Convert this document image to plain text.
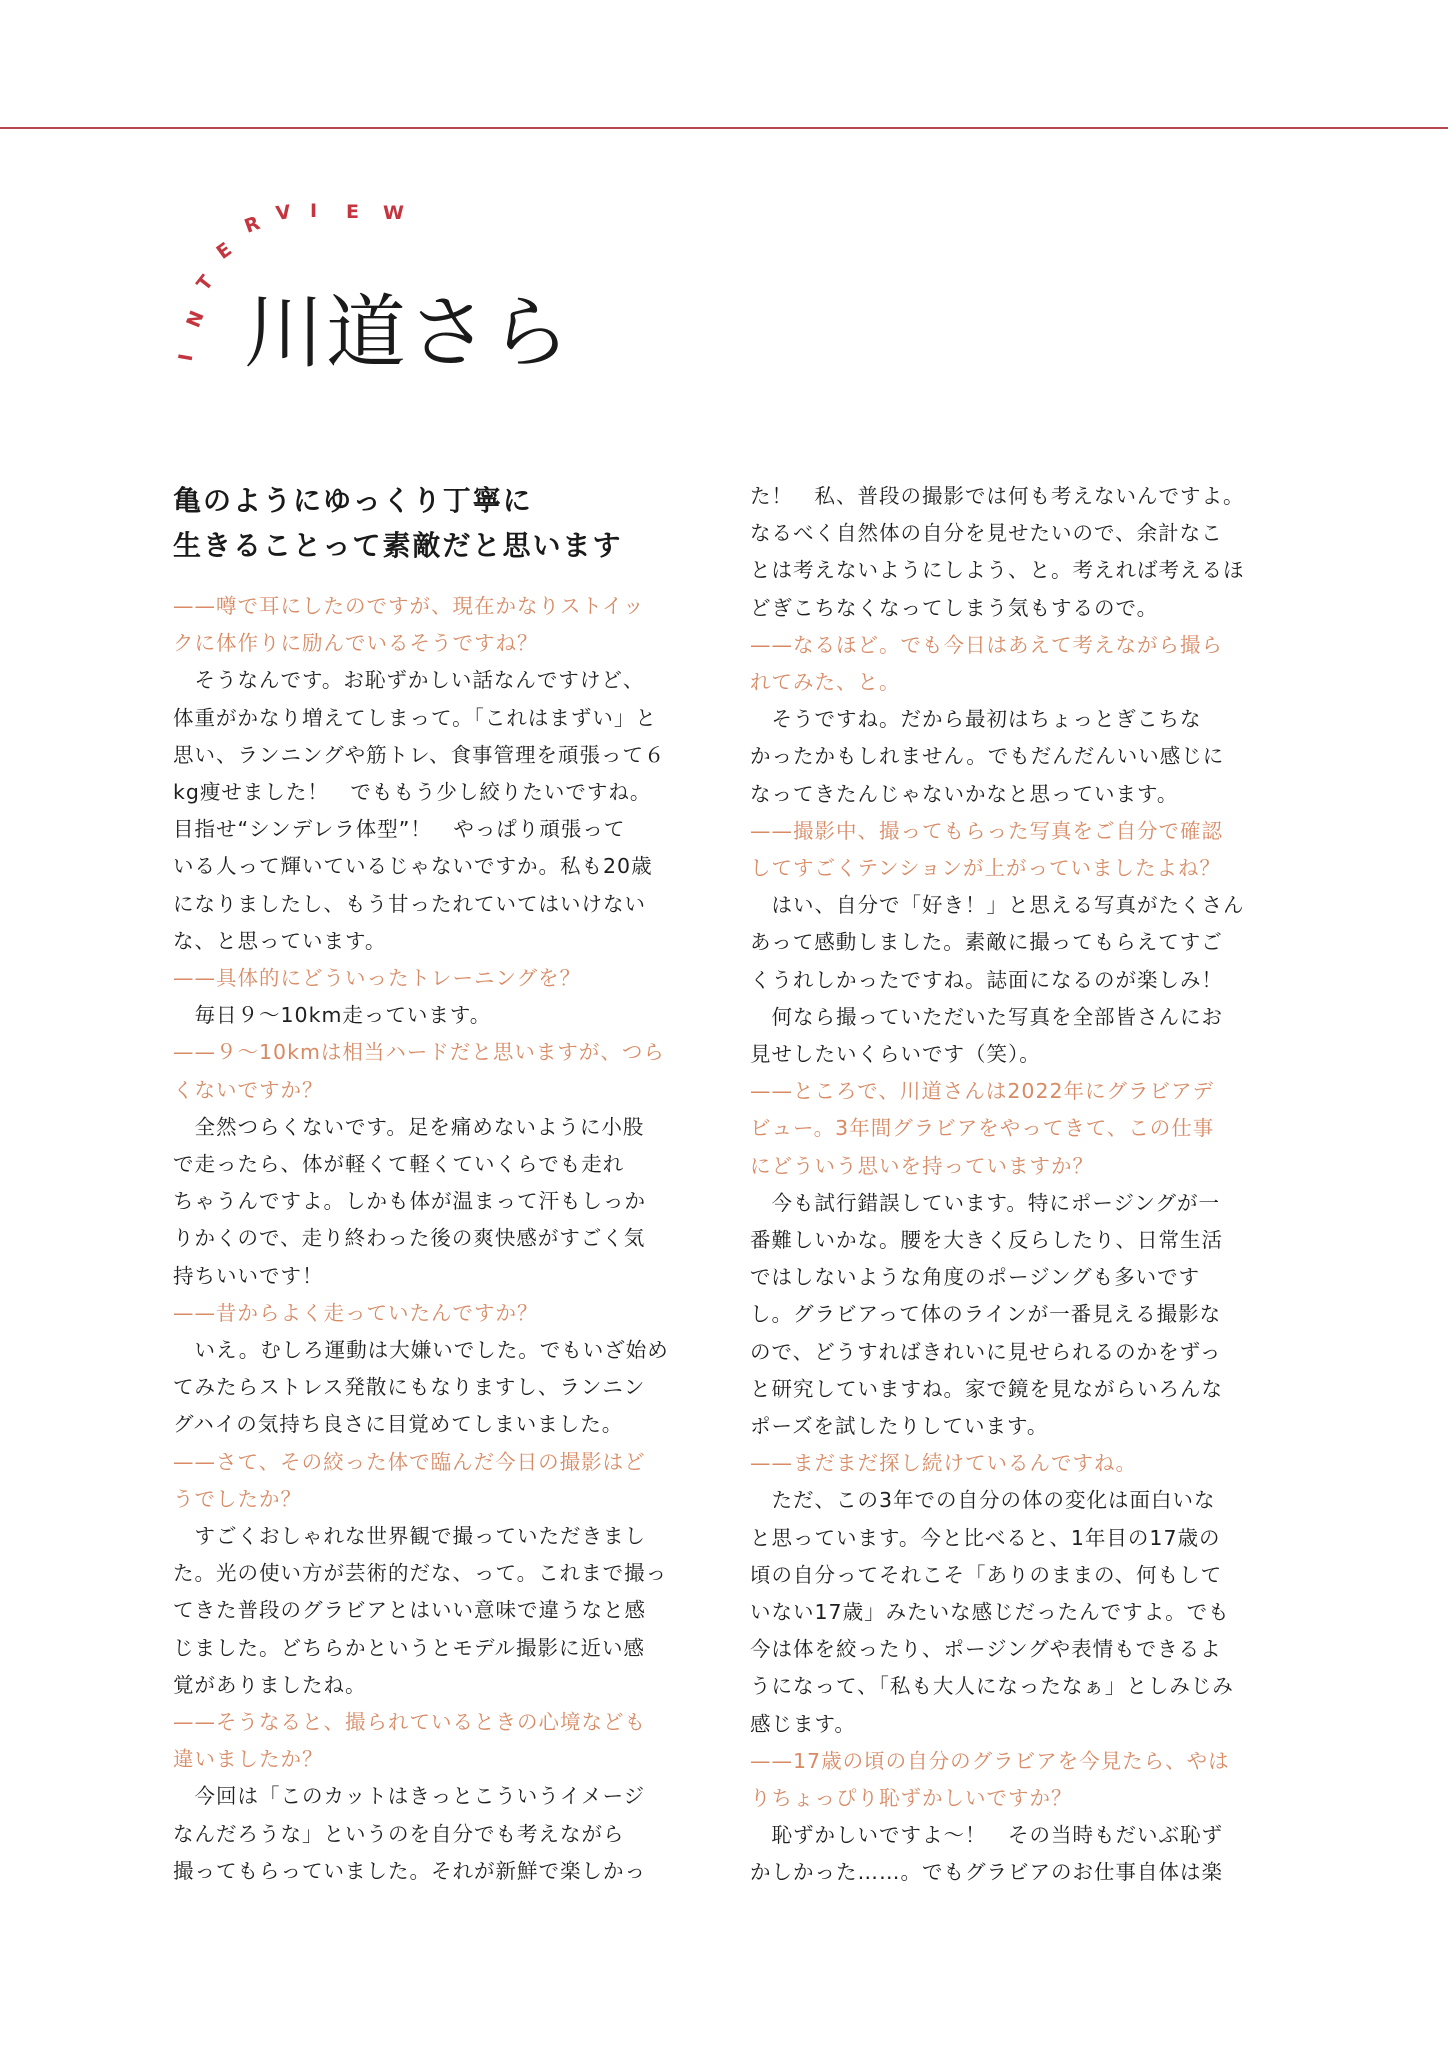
I
N
T
E
R V I E W
川道さら
亀のようにゆっくり丁寧に
生きることって素敵だと思います
——噂で耳にしたのですが、現在かなりストイッ
クに体作りに励んでいるそうですね？
　そうなんです。お恥ずかしい話なんですけど、
体重がかなり増えてしまって。「これはまずい」と
思い、ランニングや筋トレ、食事管理を頑張って６
kg痩せました！　でももう少し絞りたいですね。
目指せ“シンデレラ体型”！　やっぱり頑張って
いる人って輝いているじゃないですか。私も20歳
になりましたし、もう甘ったれていてはいけない
な、と思っています。
——具体的にどういったトレーニングを？
　毎日９〜10km走っています。
——９〜10kmは相当ハードだと思いますが、つら
くないですか？
　全然つらくないです。足を痛めないように小股
で走ったら、体が軽くて軽くていくらでも走れ
ちゃうんですよ。しかも体が温まって汗もしっか
りかくので、走り終わった後の爽快感がすごく気
持ちいいです！
——昔からよく走っていたんですか？
　いえ。むしろ運動は大嫌いでした。でもいざ始め
てみたらストレス発散にもなりますし、ランニン
グハイの気持ち良さに目覚めてしまいました。
——さて、その絞った体で臨んだ今日の撮影はど
うでしたか？
　すごくおしゃれな世界観で撮っていただきまし
た。光の使い方が芸術的だな、って。これまで撮っ
てきた普段のグラビアとはいい意味で違うなと感
じました。どちらかというとモデル撮影に近い感
覚がありましたね。
——そうなると、撮られているときの心境なども
違いましたか？
　今回は「このカットはきっとこういうイメージ
なんだろうな」というのを自分でも考えながら
撮ってもらっていました。それが新鮮で楽しかっ
た！　私、普段の撮影では何も考えないんですよ。
なるべく自然体の自分を見せたいので、余計なこ
とは考えないようにしよう、と。考えれば考えるほ
どぎこちなくなってしまう気もするので。
——なるほど。でも今日はあえて考えながら撮ら
れてみた、と。
　そうですね。だから最初はちょっとぎこちな
かったかもしれません。でもだんだんいい感じに
なってきたんじゃないかなと思っています。
——撮影中、撮ってもらった写真をご自分で確認
してすごくテンションが上がっていましたよね？
　はい、自分で「好き！」と思える写真がたくさん
あって感動しました。素敵に撮ってもらえてすご
くうれしかったですね。誌面になるのが楽しみ！
　何なら撮っていただいた写真を全部皆さんにお
見せしたいくらいです（笑）。
——ところで、川道さんは2022年にグラビアデ
ビュー。3年間グラビアをやってきて、この仕事
にどういう思いを持っていますか？
　今も試行錯誤しています。特にポージングが一
番難しいかな。腰を大きく反らしたり、日常生活
ではしないような角度のポージングも多いです
し。グラビアって体のラインが一番見える撮影な
ので、どうすればきれいに見せられるのかをずっ
と研究していますね。家で鏡を見ながらいろんな
ポーズを試したりしています。
——まだまだ探し続けているんですね。
　ただ、この3年での自分の体の変化は面白いな
と思っています。今と比べると、1年目の17歳の
頃の自分ってそれこそ「ありのままの、何もして
いない17歳」みたいな感じだったんですよ。でも
今は体を絞ったり、ポージングや表情もできるよ
うになって、「私も大人になったなぁ」としみじみ
感じます。
——17歳の頃の自分のグラビアを今見たら、やは
りちょっぴり恥ずかしいですか？
　恥ずかしいですよ〜！　その当時もだいぶ恥ず
かしかった……。でもグラビアのお仕事自体は楽
